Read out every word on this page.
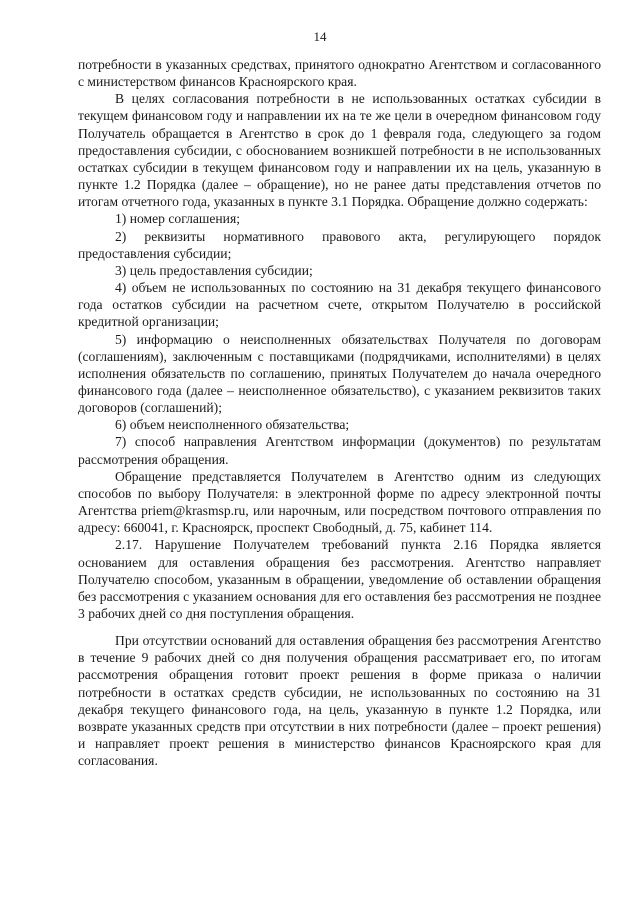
14

потребности в указанных средствах, принятого однократно Агентством и согласованного с министерством финансов Красноярского края.

В целях согласования потребности в не использованных остатках субсидии в текущем финансовом году и направлении их на те же цели в очередном финансовом году Получатель обращается в Агентство в срок до 1 февраля года, следующего за годом предоставления субсидии, с обоснованием возникшей потребности в не использованных остатках субсидии в текущем финансовом году и направлении их на цель, указанную в пункте 1.2 Порядка (далее – обращение), но не ранее даты представления отчетов по итогам отчетного года, указанных в пункте 3.1 Порядка. Обращение должно содержать:

1) номер соглашения;

2) реквизиты нормативного правового акта, регулирующего порядок предоставления субсидии;

3) цель предоставления субсидии;

4) объем не использованных по состоянию на 31 декабря текущего финансового года остатков субсидии на расчетном счете, открытом Получателю в российской кредитной организации;

5) информацию о неисполненных обязательствах Получателя по договорам (соглашениям), заключенным с поставщиками (подрядчиками, исполнителями) в целях исполнения обязательств по соглашению, принятых Получателем до начала очередного финансового года (далее – неисполненное обязательство), с указанием реквизитов таких договоров (соглашений);

6) объем неисполненного обязательства;

7) способ направления Агентством информации (документов) по результатам рассмотрения обращения.

Обращение представляется Получателем в Агентство одним из следующих способов по выбору Получателя: в электронной форме по адресу электронной почты Агентства priem@krasmsp.ru, или нарочным, или посредством почтового отправления по адресу: 660041, г. Красноярск, проспект Свободный, д. 75, кабинет 114.

2.17. Нарушение Получателем требований пункта 2.16 Порядка является основанием для оставления обращения без рассмотрения. Агентство направляет Получателю способом, указанным в обращении, уведомление об оставлении обращения без рассмотрения с указанием основания для его оставления без рассмотрения не позднее 3 рабочих дней со дня поступления обращения.

При отсутствии оснований для оставления обращения без рассмотрения Агентство в течение 9 рабочих дней со дня получения обращения рассматривает его, по итогам рассмотрения обращения готовит проект решения в форме приказа о наличии потребности в остатках средств субсидии, не использованных по состоянию на 31 декабря текущего финансового года, на цель, указанную в пункте 1.2 Порядка, или возврате указанных средств при отсутствии в них потребности (далее – проект решения) и направляет проект решения в министерство финансов Красноярского края для согласования.
